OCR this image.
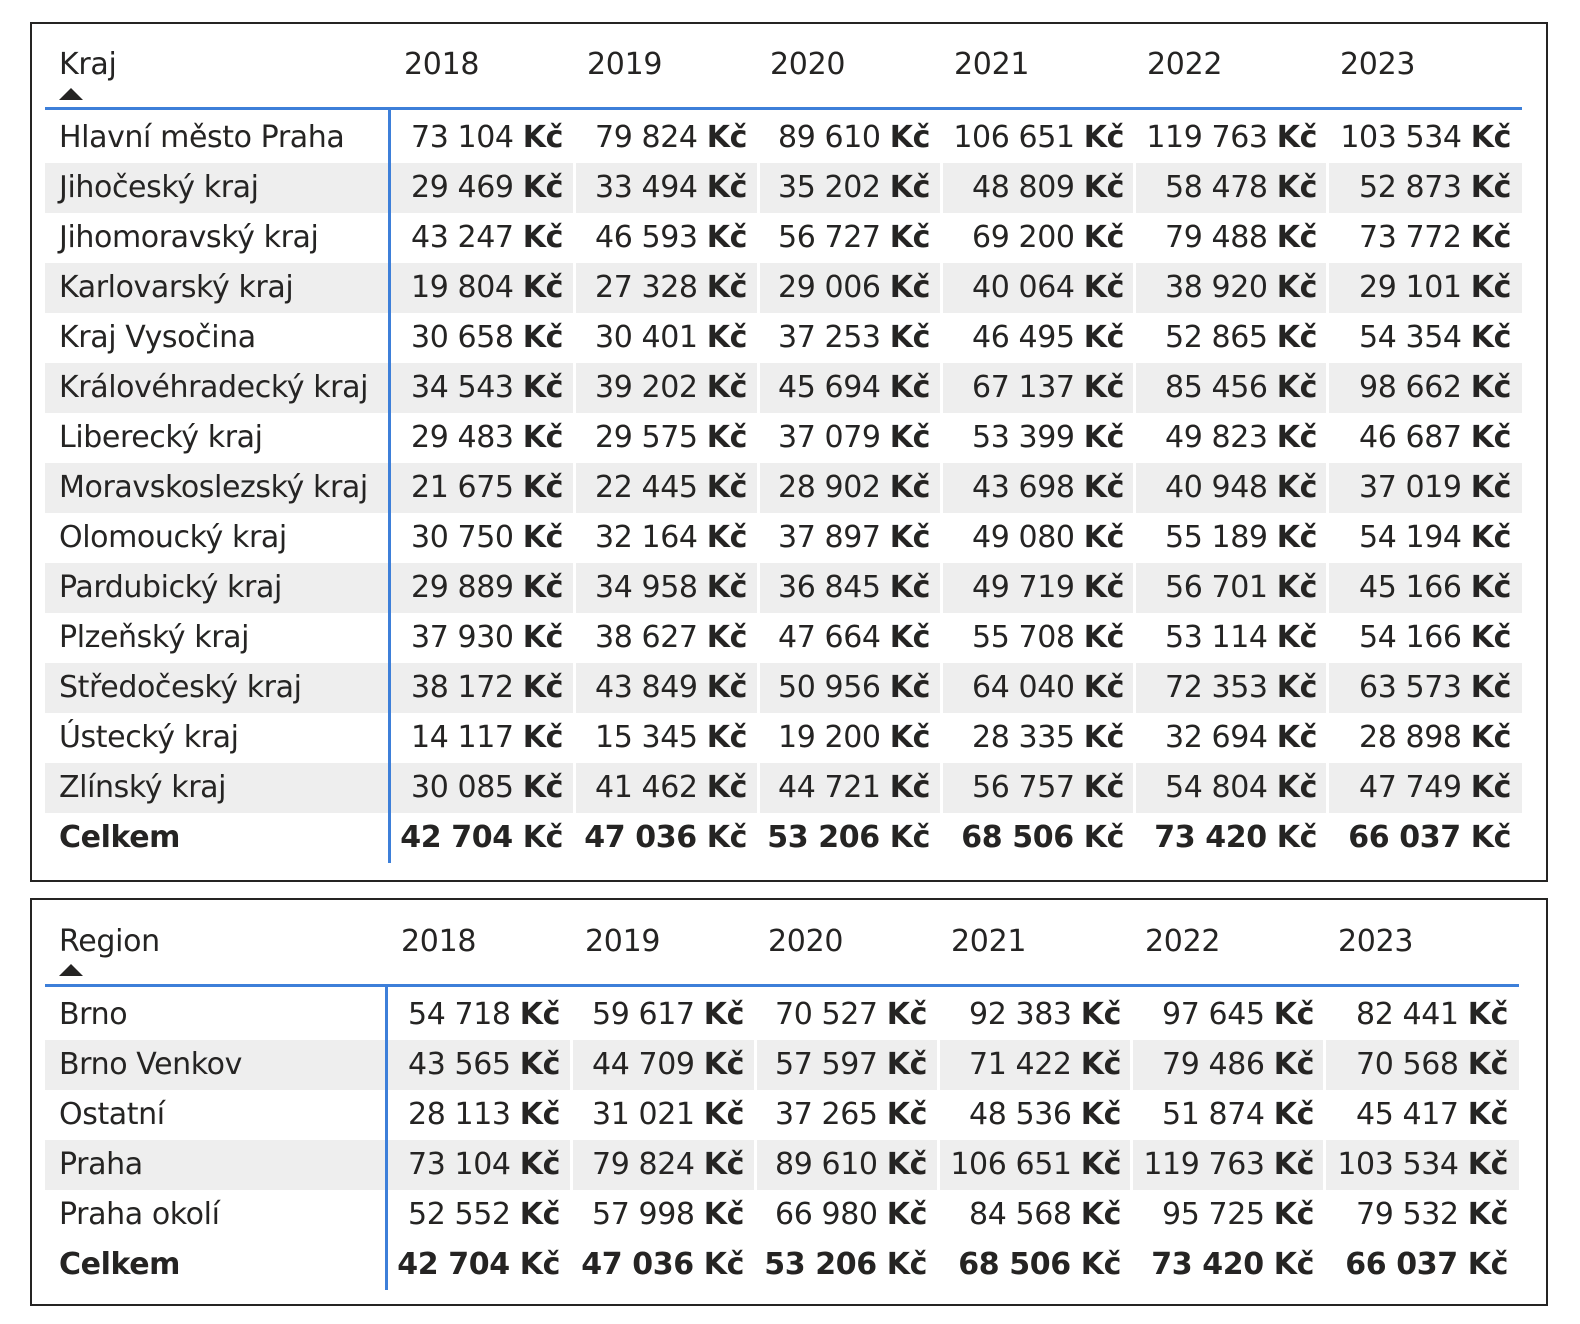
Kraj	2018	2019	2020	2021	2022	2023
Hlavní město Praha 73 104 Kč 79 824 Kč 89 610 Kč 106 651 Kč 119 763 Kč 103 534 Kč
Jihočeský kraj	29 469 Kč 33 494 Kč 35 202 Kč 48 809 Kč 58 478 Kč 52 873 Kč
Jihomoravský kraj	43 247 Kč 46 593 Kč 56 727 Kč 69 200 Kč 79 488 Kč 73 772 Kč
Karlovarský kraj	19 804 Kč 27 328 Kč 29 006 Kč 40 064 Kč 38 920 Kč 29 101 Kč
Kraj Vysočina	30 658 Kč 30 401 Kč 37 253 Kč 46 495 Kč 52 865 Kč 54 354 Kč
Královéhradecký kraj 34 543 Kč 39 202 Kč 45 694 Kč 67 137 Kč 85 456 Kč 98 662 Kč
Liberecký kraj	29 483 Kč 29 575 Kč 37 079 Kč 53 399 Kč 49 823 Kč 46 687 Kč
Moravskoslezský kraj 21 675 Kč 22 445 Kč 28 902 Kč 43 698 Kč 40 948 Kč 37 019 Kč
Olomoucký kraj	30 750 Kč 32 164 Kč 37 897 Kč 49 080 Kč 55 189 Kč 54 194 Kč
Pardubický kraj	29 889 Kč 34 958 Kč 36 845 Kč 49 719 Kč 56 701 Kč 45 166 Kč
Plzeňský kraj	37 930 Kč 38 627 Kč 47 664 Kč 55 708 Kč 53 114 Kč 54 166 Kč
Středočeský kraj	38 172 Kč 43 849 Kč 50 956 Kč 64 040 Kč 72 353 Kč 63 573 Kč
Ústecký kraj	14 117 Kč 15 345 Kč 19 200 Kč 28 335 Kč 32 694 Kč 28 898 Kč
Zlínský kraj	30 085 Kč 41 462 Kč 44 721 Kč 56 757 Kč 54 804 Kč 47 749 Kč
Celkem	42 704 Kč 47 036 Kč 53 206 Kč 68 506 Kč 73 420 Kč 66 037 Kč
Region	2018	2019	2020	2021	2022	2023
Brno	54 718 Kč 59 617 Kč 70 527 Kč 92 383 Kč 97 645 Kč 82 441 Kč
Brno Venkov	43 565 Kč 44 709 Kč 57 597 Kč 71 422 Kč 79 486 Kč 70 568 Kč
Ostatní	28 113 Kč 31 021 Kč 37 265 Kč 48 536 Kč 51 874 Kč 45 417 Kč
Praha	73 104 Kč 79 824 Kč 89 610 Kč 106 651 Kč 119 763 Kč 103 534 Kč
Praha okolí	52 552 Kč 57 998 Kč 66 980 Kč 84 568 Kč 95 725 Kč 79 532 Kč
Celkem	42 704 Kč 47 036 Kč 53 206 Kč 68 506 Kč 73 420 Kč 66 037 Kč
